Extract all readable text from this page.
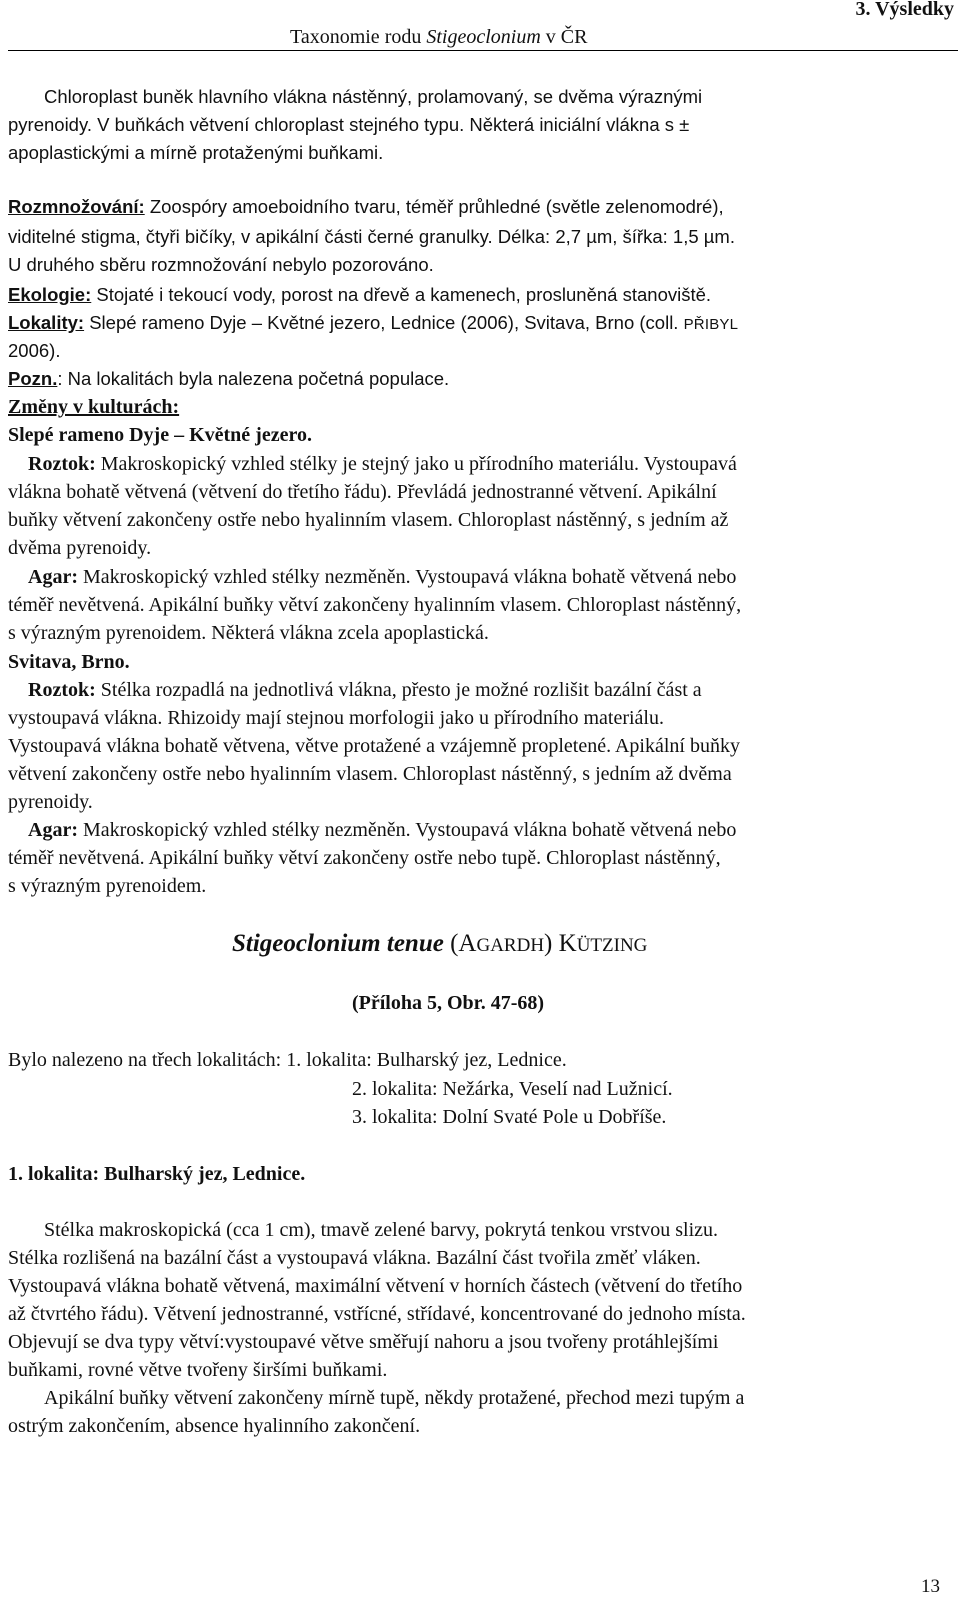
Taxonomie rodu Stigeoclonium v ČR
3. Výsledky
Chloroplast buněk hlavního vlákna nástěnný, prolamovaný, se dvěma výraznými
pyrenoidy. V buňkách větvení chloroplast stejného typu. Některá iniciální vlákna s ±
apoplastickými a mírně protaženými buňkami.
Rozmnožování: Zoospóry amoeboidního tvaru, téměř průhledné (světle zelenomodré),
viditelné stigma, čtyři bičíky, v apikální části černé granulky. Délka: 2,7 µm, šířka: 1,5 µm.
U druhého sběru rozmnožování nebylo pozorováno.
Ekologie: Stojaté i tekoucí vody, porost na dřevě a kamenech, prosluněná stanoviště.
Lokality: Slepé rameno Dyje – Květné jezero, Lednice (2006), Svitava, Brno (coll. PŘIBYL
2006).
Pozn.: Na lokalitách byla nalezena početná populace.
Změny v kulturách:
Slepé rameno Dyje – Květné jezero.
Roztok: Makroskopický vzhled stélky je stejný jako u přírodního materiálu. Vystoupavá
vlákna bohatě větvená (větvení do třetího řádu). Převládá jednostranné větvení. Apikální
buňky větvení zakončeny ostře nebo hyalinním vlasem. Chloroplast nástěnný, s jedním až
dvěma pyrenoidy.
Agar: Makroskopický vzhled stélky nezměněn. Vystoupavá vlákna bohatě větvená nebo
téměř nevětvená. Apikální buňky větví zakončeny hyalinním vlasem. Chloroplast nástěnný,
s výrazným pyrenoidem. Některá vlákna zcela apoplastická.
Svitava, Brno.
Roztok: Stélka rozpadlá na jednotlivá vlákna, přesto je možné rozlišit bazální část a
vystoupavá vlákna. Rhizoidy mají stejnou morfologii jako u přírodního materiálu.
Vystoupavá vlákna bohatě větvena, větve protažené a vzájemně propletené. Apikální buňky
větvení zakončeny ostře nebo hyalinním vlasem. Chloroplast nástěnný, s jedním až dvěma
pyrenoidy.
Agar: Makroskopický vzhled stélky nezměněn. Vystoupavá vlákna bohatě větvená nebo
téměř nevětvená. Apikální buňky větví zakončeny ostře nebo tupě. Chloroplast nástěnný,
s výrazným pyrenoidem.
Stigeoclonium tenue (AGARDH) KÜTZING
(Příloha 5, Obr. 47-68)
Bylo nalezeno na třech lokalitách: 1. lokalita: Bulharský jez, Lednice.
2. lokalita: Nežárka, Veselí nad Lužnicí.
3. lokalita: Dolní Svaté Pole u Dobříše.
1. lokalita: Bulharský jez, Lednice.
Stélka makroskopická (cca 1 cm), tmavě zelené barvy, pokrytá tenkou vrstvou slizu.
Stélka rozlišená na bazální část a vystoupavá vlákna. Bazální část tvořila změť vláken.
Vystoupavá vlákna bohatě větvená, maximální větvení v horních částech (větvení do třetího
až čtvrtého řádu). Větvení jednostranné, vstřícné, střídavé, koncentrované do jednoho místa.
Objevují se dva typy větví:vystoupavé větve směřují nahoru a jsou tvořeny protáhlejšími
buňkami, rovné větve tvořeny širšími buňkami.
Apikální buňky větvení zakončeny mírně tupě, někdy protažené, přechod mezi tupým a
ostrým zakončením, absence hyalinního zakončení.
13
